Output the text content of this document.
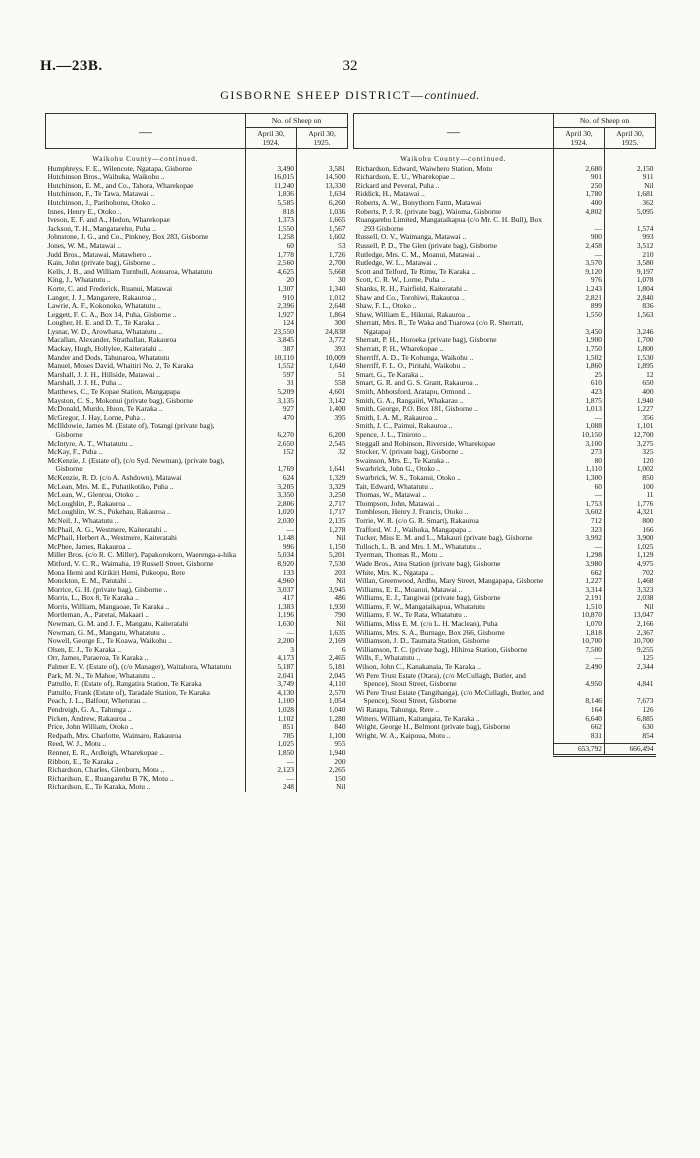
H.—23B.	32
GISBORNE SHEEP DISTRICT—continued.
—	No. of Sheep on	
	April 30, 1924.	April 30, 1925.
Waikohu County—continued.		
Humphreys, F. E., Wilencote, Ngatapa, Gisborne	3,490	3,581
Hutchinson Bros., Waihuka, Waikohu ..	16,015	14,500
Hutchinson, E. M., and Co., Tahora, Wharekopae	11,240	13,330
Hutchinson, F., Te Tawa, Matawai ..	1,836	1,634
Hutchinson, J., Parihohonu, Otoko ..	5,585	6,260
Innes, Henry E., Otoko ..	818	1,036
Iveson, E. F. and A., Hedon, Wharekopae	1,373	1,665
Jackson, T. H., Mangatarehu, Puha ..	1,550	1,567
Johnstone, J. G., and Co., Pinkney, Box 283, Gisborne	1,258	1,602
Jones, W. M., Matawai ..	60	53
Judd Bros., Matawai, Matawhero ..	1,778	1,726
Kain, John (private bag), Gisborne ..	2,560	2,700
Kells, J. B., and William Turnbull, Aotearoa, Whatatutu	4,625	5,668
King, J., Whatatutu ..	20	30
Korte, C. and Frederick, Ruanui, Matawai	1,307	1,340
Langer, J. J., Mangarere, Rakauroa ..	910	1,012
Lawrie, A. F., Kokonoko, Whatatutu ..	2,396	2,648
Leggett, F. C. A., Box 14, Puha, Gisborne ..	1,927	1,864
Lougher, H. E. and D. T., Te Karaka ..	124	300
Lysnar, W. D., Arowhana, Whatatutu ..	23,550	24,838
Macallan, Alexander, Strathallan, Rakauroa	3,845	3,772
Mackay, Hugh, Hollylee, Kaiteratahi ..	387	393
Mander and Dods, Tahunaroa, Whatatutu	10,110	10,009
Manuel, Moses David, Whaitiri No. 2, Te Karaka	1,552	1,640
Marshall, J. J. H., Hillside, Matawai ..	597	51
Marshall, J. J. H., Puha ..	31	558
Matthews, C., Te Kopae Station, Mangapapa	5,209	4,601
Mayston, C. S., Mokonui (private bag), Gisborne	3,135	3,142
McDonald, Murdo, Huon, Te Karaka ..	927	1,400
McGregor, J. Hay, Lorne, Puha ..	470	395
McIlldowie, James M. (Estate of), Totangi (private bag), Gisborne	6,270	6,200
McIntyre, A. T., Whatatutu ..	2,650	2,545
McKay, F., Puha ..	152	32
McKenzie, J. (Estate of), (c/o Syd. Newman), (private bag), Gisborne	1,769	1,641
McKenzie, R. D. (c/o A. Ashdown), Matawai	624	1,329
McLean, Mrs. M. E., Puhatikotiko, Puha ..	3,205	3,329
McLean, W., Glenroa, Otoko ..	3,350	3,250
McLoughlin, P., Rakauroa ..	2,806	2,717
McLoughlin, W. S., Pukehau, Rakauroa ..	1,020	1,717
McNeil, J., Whatatutu ..	2,030	2,135
McPhail, A. G., Westmere, Kaiteratahi ..	—	1,278
McPhail, Herbert A., Westmere, Kaiteratahi	1,148	Nil
McPhee, James, Rakauroa ..	996	1,150
Miller Bros. (c/o R. C. Miller), Papakorokoro, Waerenga-a-hika	5,034	5,201
Mitford, V. C. R., Waimaha, 19 Russell Street, Gisborne	8,920	7,530
Mona Hemi and Kirikiri Hemi, Pukeopu, Rere	133	203
Monckton, E. M., Patutahi ..	4,960	Nil
Morrice, G. H. (private bag), Gisborne ..	3,037	3,945
Morris, L., Box 8, Te Karaka ..	417	486
Morris, William, Mangaoae, Te Karaka ..	1,383	1,930
Mortleman, A., Paretai, Makaari ..	1,196	790
Newman, G. M. and J. F., Mangatu, Kaiteratahi	1,630	Nil
Newman, G. M., Mangatu, Whatatutu ..	—	1,635
Nowell, George E., Te Koawa, Waikohu ..	2,200	2,169
Olsen, E. J., Te Karaka ..	3	6
Orr, James, Paraeroa, Te Karaka ..	4,173	2,465
Palmer E. V. (Estate of), (c/o Manager), Waitahora, Whatatutu	5,187	5,181
Park, M. N., Te Mahoe, Whatatutu ..	2,041	2,045
Pattullo, F. (Estate of), Rangatira Station, Te Karaka	3,749	4,110
Pattullo, Frank (Estate of), Taradale Station, Te Karaka	4,130	2,570
Peach, J. L., Balfour, Wheturau ..	1,100	1,054
Pendreigh, G. A., Tahunga ..	1,028	1,040
Picken, Andrew, Rakauroa ..	1,102	1,280
Price, John William, Otoko ..	851	840
Redpath, Mrs. Charlotte, Waimaro, Rakauroa	785	1,100
Reed, W. J., Motu ..	1,025	955
Renner, E. R., Ardleigh, Wharekopae ..	1,850	1,940
Ribbon, E., Te Karaka ..	—	200
Richardson, Charles, Glenburn, Motu ..	2,123	2,265
Richardson, E., Ruangarehu B 7K, Motu ..	—	150
Richardson, E., Te Karaka, Motu ..	248	Nil
—	No. of Sheep on	
	April 30, 1924.	April 30, 1925.
Waikohu County—continued.		
Richardson, Edward, Waiwhero Station, Motu	2,680	2,150
Richardson, E. U., Wharekopae ..	901	911
Rickard and Peveral, Puha ..	250	Nil
Riddick, H., Matawai ..	1,780	1,681
Roberts, A. W., Bonythorn Farm, Matawai	400	362
Roberts, P. J. R. (private bag), Waioma, Gisborne	4,802	5,095
Ruangarehu Limited, Mangataikapua (c/o Mr. C. H. Bull), Box 293 Gisborne	—	1,574
Russell, O. V., Waimanga, Matawai ..	900	993
Russell, P. D., The Glen (private bag), Gisborne	2,458	3,512
Rutledge, Mrs. C. M., Moanui, Matawai ..	—	210
Rutledge, W. L., Matawai ..	3,570	3,580
Scott and Telford, Te Rimu, Te Karaka ..	9,120	9,197
Scott, C. R. W., Lorne, Puha ..	976	1,078
Shanks, R. H., Fairfield, Kaiteratahi ..	1,243	1,804
Shaw and Co., Torohiwi, Rakauroa ..	2,821	2,840
Shaw, F. L., Otoko ..	899	836
Shaw, William E., Hikutai, Rakauroa ..	1,550	1,563
Sherratt, Mrs. R., Te Waka and Tuarowa (c/o R. Sherratt, Ngatapa)	3,450	3,246
Sherratt, P. H., Horoeka (private bag), Gisborne	1,900	1,700
Sherratt, P. H., Wharekopae ..	1,750	1,800
Sherriff, A. D., Te Kohunga, Waikohu ..	1,502	1,530
Sherriff, F. L. O., Piritahi, Waikohu ..	1,860	1,895
Smart, G., Te Karaka ..	25	12
Smart, G. R. and G. S. Grant, Rakauroa ..	610	650
Smith, Abbotsford, Aratapu, Ormond ..	423	400
Smith, G. A., Rangaiiri, Whakarau ..	1,875	1,940
Smith, George, P.O. Box 181, Gisborne ..	1,013	1,227
Smith, I. A. M., Rakauroa ..	—	356
Smith, J. C., Paimui, Rakauroa ..	1,088	1,101
Spence, J. L., Tiniroto ..	10,150	12,700
Steggall and Robinson, Riverside, Wharekopae	3,100	3,275
Stocker, V. (private bag), Gisborne ..	273	325
Swainson, Mrs. E., Te Karaka ..	80	120
Swarbrick, John G., Otoko ..	1,110	1,002
Swarbrick, W. S., Tokanui, Otoko ..	1,300	850
Tait, Edward, Whatatutu ..	60	100
Thomas, W., Matawai ..	—	11
Thompson, John, Matawai ..	1,753	1,776
Tombleson, Henry J. Francis, Otoko ..	3,602	4,321
Torrie, W. R. (c/o G. R. Smart), Rakauroa	712	800
Trafford, W. J., Waihuka, Mangapapa ..	323	166
Tucker, Miss E. M. and L., Makauri (private bag), Gisborne	3,992	3,900
Tulloch, L. B. and Mrs. I. M., Whatatutu ..	—	1,025
Tyerman, Thomas R., Motu ..	1,298	1,129
Wade Bros., Atea Station (private bag), Gisborne	3,980	4,975
White, Mrs. K., Ngatapa ..	662	702
Willan, Greenwood, Ardhu, Mary Street, Mangapapa, Gisborne	1,227	1,468
Williams, E. E., Moanui, Matawai ..	3,314	3,323
Williams, E. J., Tangiwai (private bag), Gisborne	2,191	2,038
Williams, F. W., Mangataikapua, Whatatutu	1,510	Nil
Williams, F. W., Te Rata, Whatatutu ..	10,870	13,047
Williams, Miss E. M. (c/o L. H. Maclean), Puha	1,070	2,166
Williams, Mrs. S. A., Burnage, Box 266, Gisborne	1,818	2,367
Williamson, J. D., Taumata Station, Gisborne	10,700	10,700
Williamson, T. C. (private bag), Hihiroa Station, Gisborne	7,500	9,255
Wills, F., Whatatutu ..	—	125
Wilson, John C., Kanakanaia, Te Karaka ..	2,490	2,344
Wi Pere Trust Estate (Otara), (c/o McCullagh, Butler, and Spence), Stout Street, Gisborne	4,950	4,841
Wi Pere Trust Estate (Tangihanga), (c/o McCullagh, Butler, and Spence), Stout Street, Gisborne	8,146	7,673
Wi Ratapu, Tahunga, Rere ..	164	126
Witters, William, Kaitangata, Te Karaka ..	6,640	6,885
Wright, George H., Belmont (private bag), Gisborne	662	630
Wright, W. A., Kaipoua, Motu ..	831	854

	653,792	666,494
